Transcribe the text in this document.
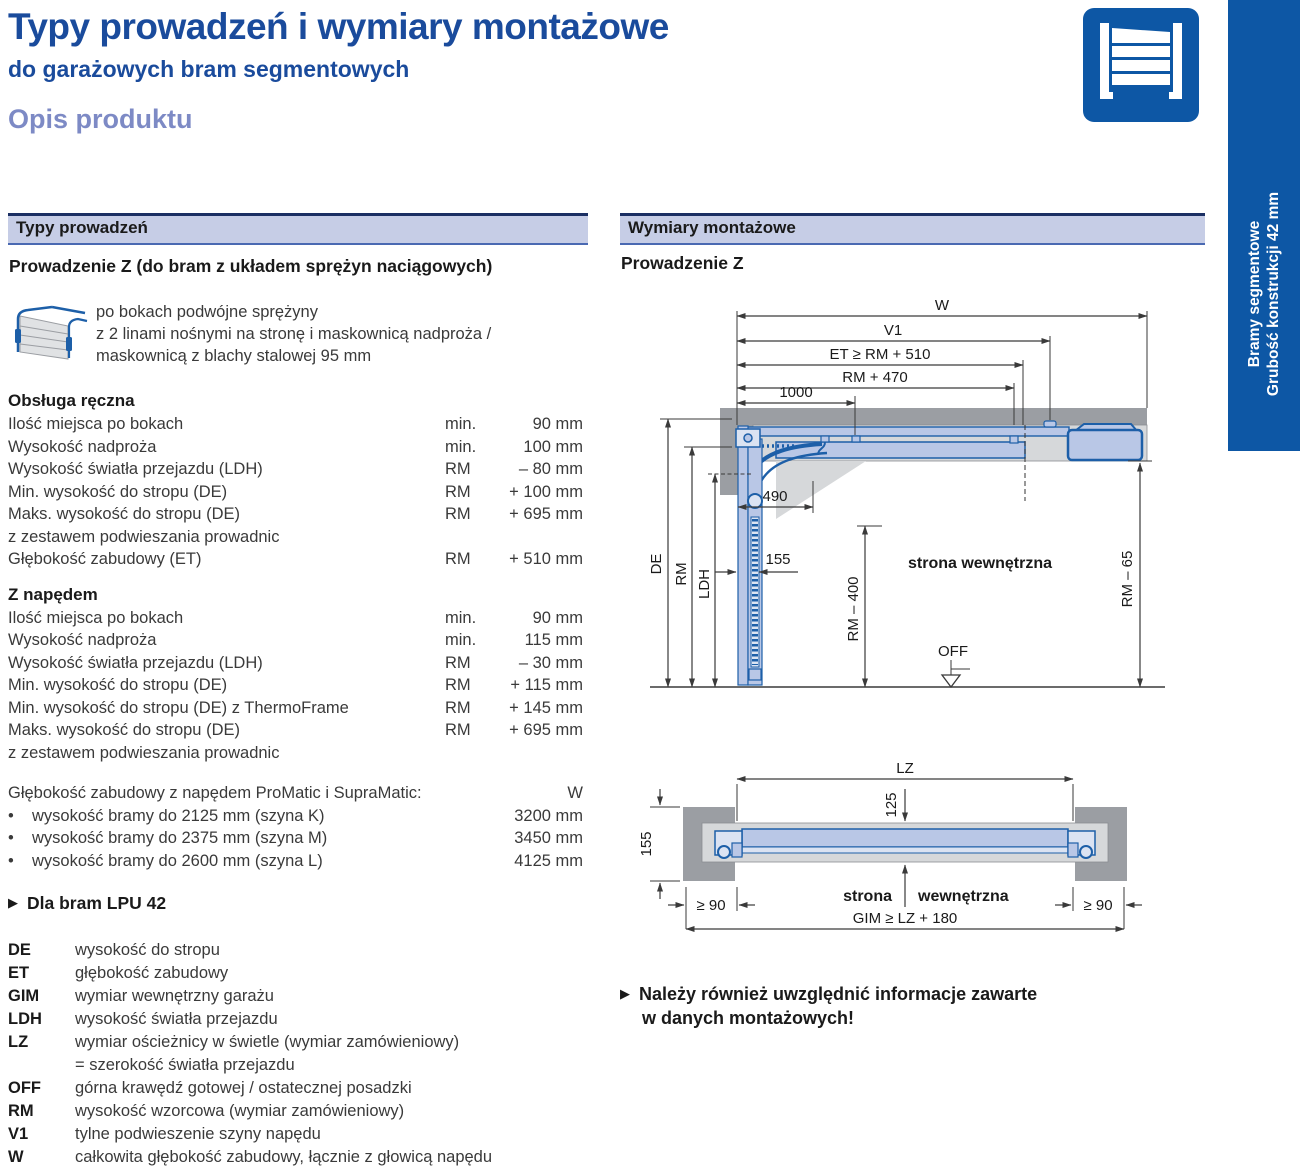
Typy prowadzeń i wymiary montażowe
do garażowych bram segmentowych
Opis produktu
Bramy segmentowe Grubość konstrukcji 42 mm
Typy prowadzeń
Prowadzenie Z (do bram z układem sprężyn naciągowych)
po bokach podwójne sprężyny
z 2 linami nośnymi na stronę i maskownicą nadproża /
maskownicą z blachy stalowej 95 mm
Obsługa ręczna
Ilość miejsca po bokach	min.	90 mm
Wysokość nadproża	min.	100 mm
Wysokość światła przejazdu (LDH)	RM	– 80 mm
Min. wysokość do stropu (DE)	RM	+ 100 mm
Maks. wysokość do stropu (DE)	RM	+ 695 mm
z zestawem podwieszania prowadnic
Głębokość zabudowy (ET)	RM	+ 510 mm
Z napędem
Ilość miejsca po bokach	min.	90 mm
Wysokość nadproża	min.	115 mm
Wysokość światła przejazdu (LDH)	RM	– 30 mm
Min. wysokość do stropu (DE)	RM	+ 115 mm
Min. wysokość do stropu (DE) z ThermoFrame	RM	+ 145 mm
Maks. wysokość do stropu (DE)	RM	+ 695 mm
z zestawem podwieszania prowadnic
Głębokość zabudowy z napędem ProMatic i SupraMatic:	W
•	wysokość bramy do 2125 mm (szyna K)	3200 mm
•	wysokość bramy do 2375 mm (szyna M)	3450 mm
•	wysokość bramy do 2600 mm (szyna L)	4125 mm
▶ Dla bram LPU 42
DE	wysokość do stropu
ET	głębokość zabudowy
GIM	wymiar wewnętrzny garażu
LDH	wysokość światła przejazdu
LZ	wymiar ościeżnicy w świetle (wymiar zamówieniowy)
= szerokość światła przejazdu
OFF	górna krawędź gotowej / ostatecznej posadzki
RM	wysokość wzorcowa (wymiar zamówieniowy)
V1	tylne podwieszenie szyny napędu
W	całkowita głębokość zabudowy, łącznie z głowicą napędu
Wymiary montażowe
Prowadzenie Z
W
V1
ET ≥ RM + 510
RM + 470
1000
490
155
DE RM LDH	RM – 400	RM – 65
strona wewnętrzna
OFF
LZ
125
155
≥ 90	≥ 90
strona wewnętrzna
GIM ≥ LZ + 180
▶ Należy również uwzględnić informacje zawarte
w danych montażowych!
